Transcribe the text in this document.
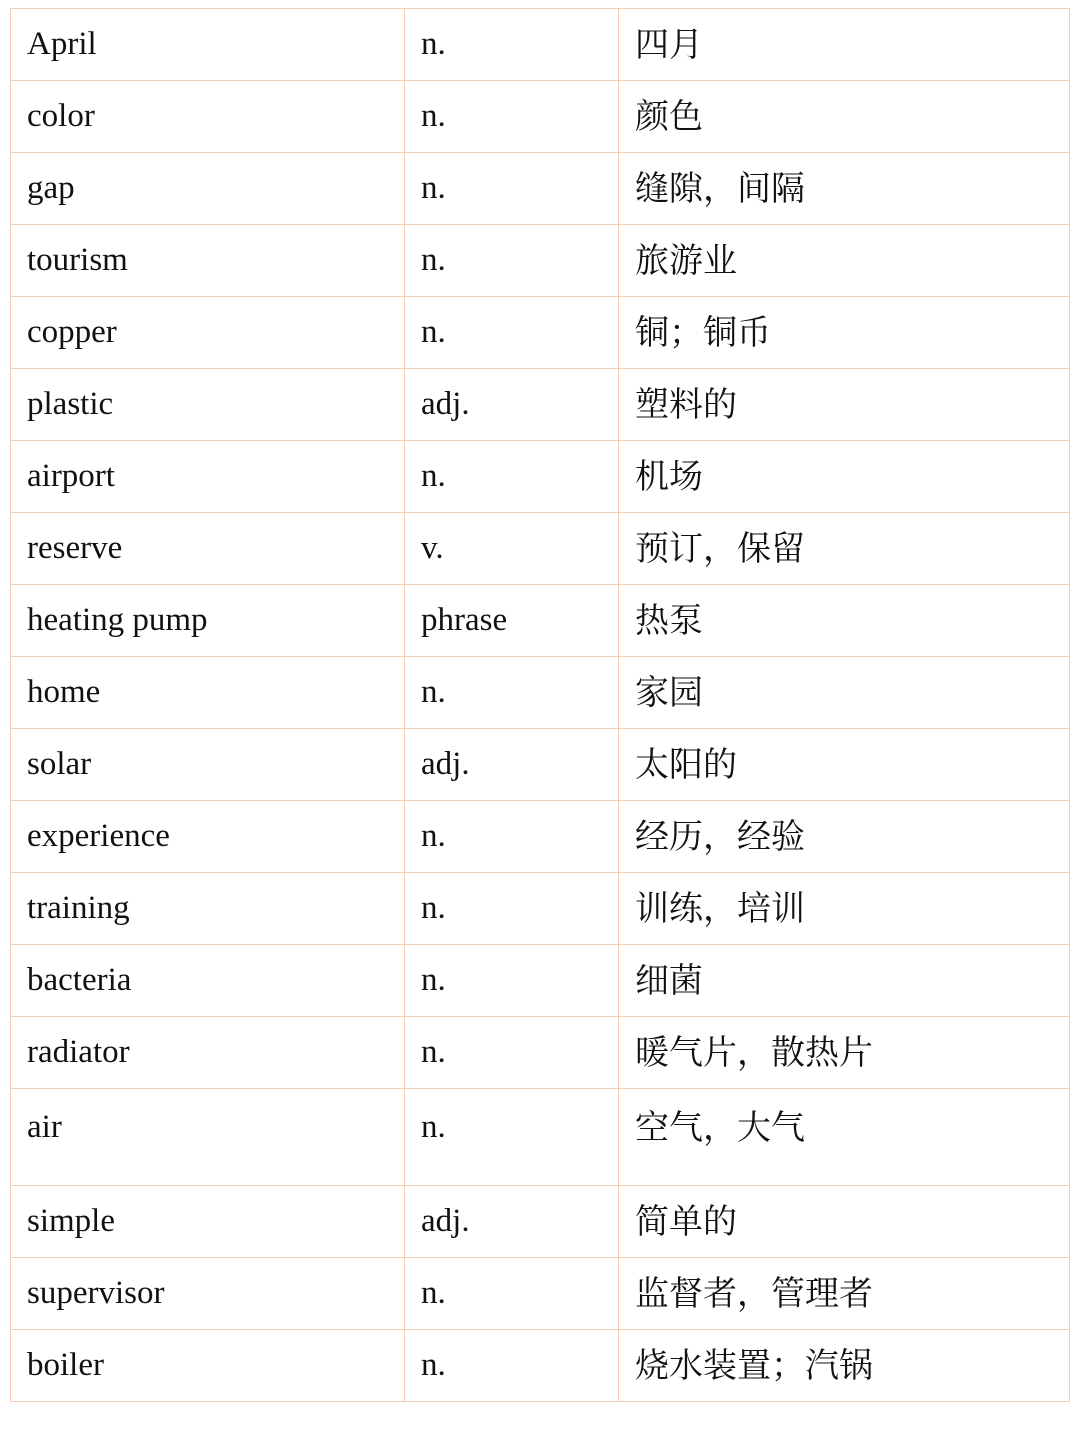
April	n.	四月
color	n.	颜色
gap	n.	缝隙，间隔
tourism	n.	旅游业
copper	n.	铜；铜币
plastic	adj.	塑料的
airport	n.	机场
reserve	v.	预订，保留
heating pump	phrase	热泵
home	n.	家园
solar	adj.	太阳的
experience	n.	经历，经验
training	n.	训练，培训
bacteria	n.	细菌
radiator	n.	暖气片，散热片
air	n.	空气，大气
simple	adj.	简单的
supervisor	n.	监督者，管理者
boiler	n.	烧水装置；汽锅
